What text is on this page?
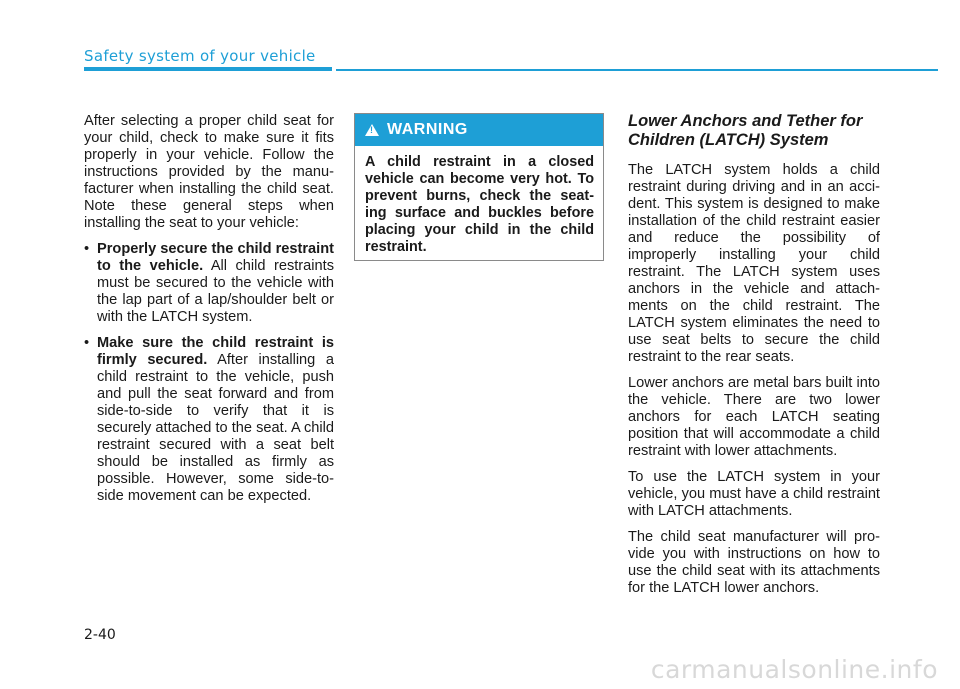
Safety system of your vehicle

After selecting a proper child seat for your child, check to make sure it fits properly in your vehicle. Follow the instructions provided by the manu-facturer when installing the child seat. Note these general steps when installing the seat to your vehicle:

• Properly secure the child restraint to the vehicle. All child restraints must be secured to the vehicle with the lap part of a lap/shoulder belt or with the LATCH system.
• Make sure the child restraint is firmly secured. After installing a child restraint to the vehicle, push and pull the seat forward and from side-to-side to verify that it is securely attached to the seat. A child restraint secured with a seat belt should be installed as firmly as possible. However, some side-to-side movement can be expected.
!
WARNING
A child restraint in a closed vehicle can become very hot. To prevent burns, check the seat-ing surface and buckles before placing your child in the child restraint.
Lower Anchors and Tether for Children (LATCH) System

The LATCH system holds a child restraint during driving and in an acci-dent. This system is designed to make installation of the child restraint easier and reduce the possibility of improperly installing your child restraint. The LATCH system uses anchors in the vehicle and attach-ments on the child restraint. The LATCH system eliminates the need to use seat belts to secure the child restraint to the rear seats.

Lower anchors are metal bars built into the vehicle. There are two lower anchors for each LATCH seating position that will accommodate a child restraint with lower attachments.

To use the LATCH system in your vehicle, you must have a child restraint with LATCH attachments.

The child seat manufacturer will pro-vide you with instructions on how to use the child seat with its attachments for the LATCH lower anchors.

2-40
carmanualsonline.info
